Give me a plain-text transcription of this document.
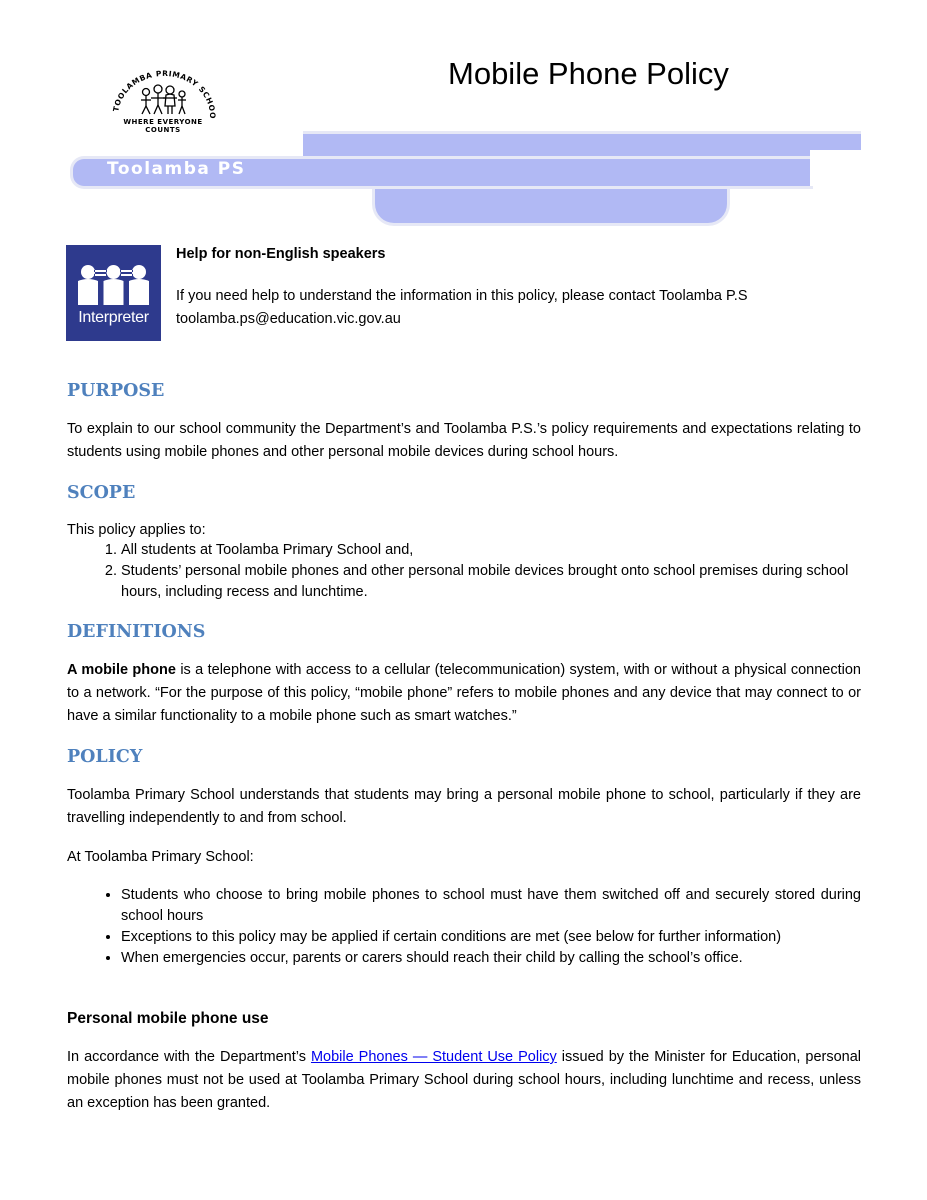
TOOLAMBA PRIMARY SCHOO
WHERE EVERYONE COUNTS
Mobile Phone Policy
Toolamba PS
Interpreter
Help for non-English speakers
If you need help to understand the information in this policy, please contact Toolamba P.S
toolamba.ps@education.vic.gov.au
PURPOSE

To explain to our school community the Department’s and Toolamba P.S.’s policy requirements and expectations relating to students using mobile phones and other personal mobile devices during school hours.

SCOPE

This policy applies to:

1. All students at Toolamba Primary School and,
2. Students’ personal mobile phones and other personal mobile devices brought onto school premises during school hours, including recess and lunchtime.
DEFINITIONS

A mobile phone is a telephone with access to a cellular (telecommunication) system, with or without a physical connection to a network. “For the purpose of this policy, “mobile phone” refers to mobile phones and any device that may connect to or have a similar functionality to a mobile phone such as smart watches.”

POLICY

Toolamba Primary School understands that students may bring a personal mobile phone to school, particularly if they are travelling independently to and from school.

At Toolamba Primary School:

• Students who choose to bring mobile phones to school must have them switched off and securely stored during school hours
• Exceptions to this policy may be applied if certain conditions are met (see below for further information)
• When emergencies occur, parents or carers should reach their child by calling the school’s office.

Personal mobile phone use

In accordance with the Department’s Mobile Phones — Student Use Policy issued by the Minister for Education, personal mobile phones must not be used at Toolamba Primary School during school hours, including lunchtime and recess, unless an exception has been granted.
